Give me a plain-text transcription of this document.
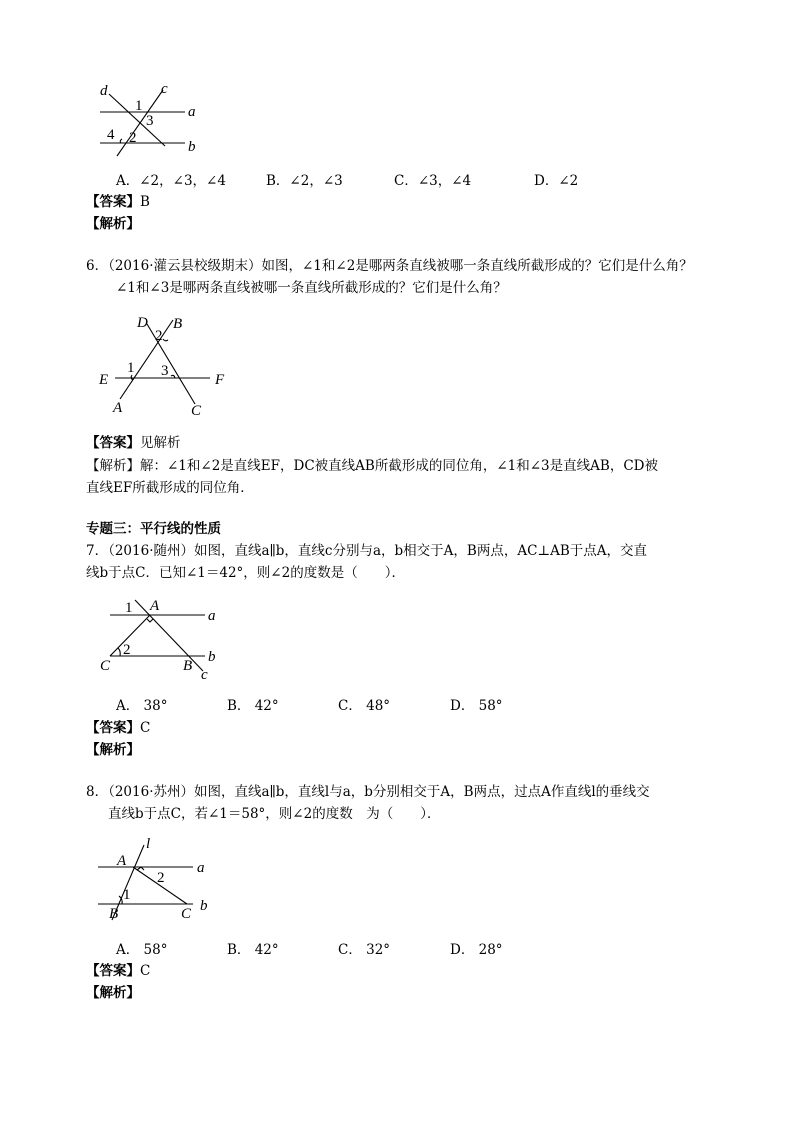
d	c
a
b
1
3
4 2
A．∠2，∠3，∠4	B．∠2，∠3	C．∠3，∠4	D．∠2
【答案】B
【解析】
6．（2016·灌云县校级期末）如图，∠1和∠2是哪两条直线被哪一条直线所截形成的？它们是什么角？
∠1和∠3是哪两条直线被哪一条直线所截形成的？它们是什么角？
D B
2
1 3
E	F
A	C
【答案】见解析
【解析】解：∠1和∠2是直线EF，DC被直线AB所截形成的同位角，∠1和∠3是直线AB，CD被
直线EF所截形成的同位角．
专题三：平行线的性质
7．（2016·随州）如图，直线a∥b，直线c分别与a，b相交于A，B两点，AC⊥AB于点A，交直
线b于点C．已知∠1＝42°，则∠2的度数是（　　）．
1 A
a
2	b
C	B
c
A． 38°	B． 42°	C． 48°	D． 58°
【答案】C
【解析】
8．（2016·苏州）如图，直线a∥b，直线l与a，b分别相交于A，B两点，过点A作直线l的垂线交
直线b于点C，若∠1＝58°，则∠2的度数　为（　　）．
l
A	a
2
1
B	C b
A． 58°	B． 42°	C． 32°	D． 28°
【答案】C
【解析】
